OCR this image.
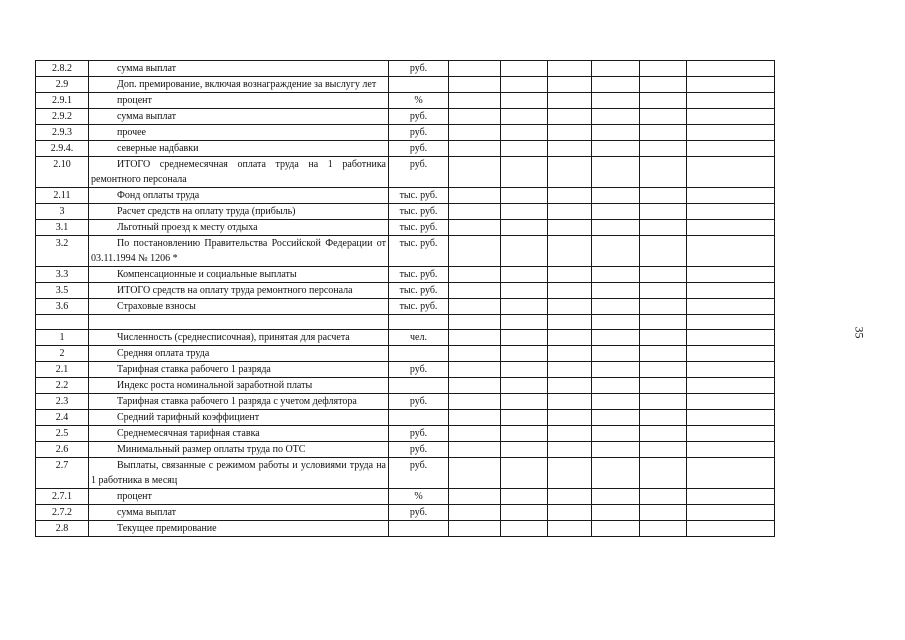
2.8.2	сумма выплат	руб.						
2.9	Доп. премирование, включая вознаграждение за выслугу лет							
2.9.1	процент	%						
2.9.2	сумма выплат	руб.						
2.9.3	прочее	руб.						
2.9.4.	северные надбавки	руб.						
2.10	ИТОГО среднемесячная оплата труда на 1 работника ремонтного персонала	руб.						
2.11	Фонд оплаты труда	тыс. руб.						
3	Расчет средств на оплату труда (прибыль)	тыс. руб.						
3.1	Льготный проезд к месту отдыха	тыс. руб.						
3.2	По постановлению Правительства Российской Федерации от 03.11.1994 № 1206 *	тыс. руб.						
3.3	Компенсационные и социальные выплаты	тыс. руб.						
3.5	ИТОГО средств на оплату труда ремонтного персонала	тыс. руб.						
3.6	Страховые взносы	тыс. руб.						

1	Численность (среднесписочная), принятая для расчета	чел.						
2	Средняя оплата труда							
2.1	Тарифная ставка рабочего 1 разряда	руб.						
2.2	Индекс роста номинальной заработной платы							
2.3	Тарифная ставка рабочего 1 разряда с учетом дефлятора	руб.						
2.4	Средний тарифный коэффициент							
2.5	Среднемесячная тарифная ставка	руб.						
2.6	Минимальный размер оплаты труда по ОТС	руб.						
2.7	Выплаты, связанные с режимом работы и условиями труда на 1 работника в месяц	руб.						
2.7.1	процент	%						
2.7.2	сумма выплат	руб.						
2.8	Текущее премирование							
35
